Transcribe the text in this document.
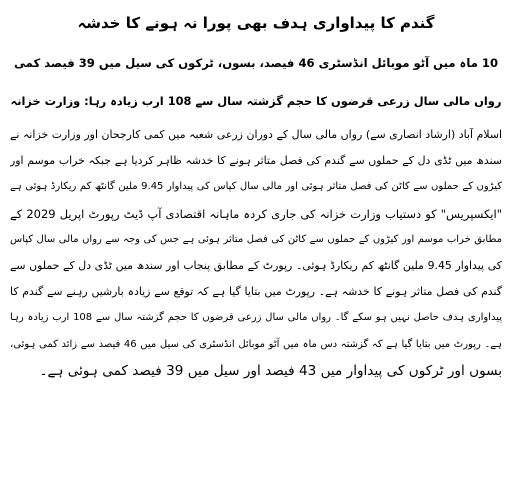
گندم کا پیداواری ہدف بھی پورا نہ ہونے کا خدشہ
10 ماہ میں آٹو موبائل انڈسٹری 46 فیصد، بسوں، ٹرکوں کی سیل میں 39 فیصد کمی
رواں مالی سال زرعی قرضوں کا حجم گزشتہ سال سے 108 ارب زیادہ رہا: وزارت خزانہ
اسلام آباد (ارشاد انصاری سے) رواں مالی سال کے دوران زرعی شعبہ میں کمی کارجحان اور وزارت خزانہ نے
سندھ میں ٹڈی دل کے حملوں سے گندم کی فصل متاثر ہونے کا خدشہ ظاہر کردیا ہے جبکہ خراب موسم اور
کیڑوں کے حملوں سے کاٹن کی فصل متاثر ہوئی اور مالی سال کپاس کی پیداوار 9.45 ملین گانٹھ کم ریکارڈ ہوئی ہے
"ایکسپریس" کو دستیاب وزارت خزانہ کی جاری کردہ ماہانہ اقتصادی آپ ڈیٹ رپورٹ اپریل 2029 کے
مطابق خراب موسم اور کیڑوں کے حملوں سے کاٹن کی فصل متاثر ہوئی ہے جس کی وجہ سے رواں مالی سال کپاس
کی پیداوار 9.45 ملین گانٹھ کم ریکارڈ ہوئی۔ رپورٹ کے مطابق پنجاب اور سندھ میں ٹڈی دل کے حملوں سے
گندم کی فصل متاثر ہونے کا خدشہ ہے۔ رپورٹ میں بتایا گیا ہے کہ توقع سے زیادہ بارشیں رہنے سے گندم کا
پیداواری ہدف حاصل نہیں ہو سکے گا۔ رواں مالی سال زرعی قرضوں کا حجم گزشتہ سال سے 108 ارب زیادہ رہا
ہے۔ رپورٹ میں بتایا گیا ہے کہ گزشتہ دس ماہ میں آٹو موبائل انڈسٹری کی سیل میں 46 فیصد سے زائد کمی ہوئی،
بسوں اور ٹرکوں کی پیداوار میں 43 فیصد اور سیل میں 39 فیصد کمی ہوئی ہے۔
